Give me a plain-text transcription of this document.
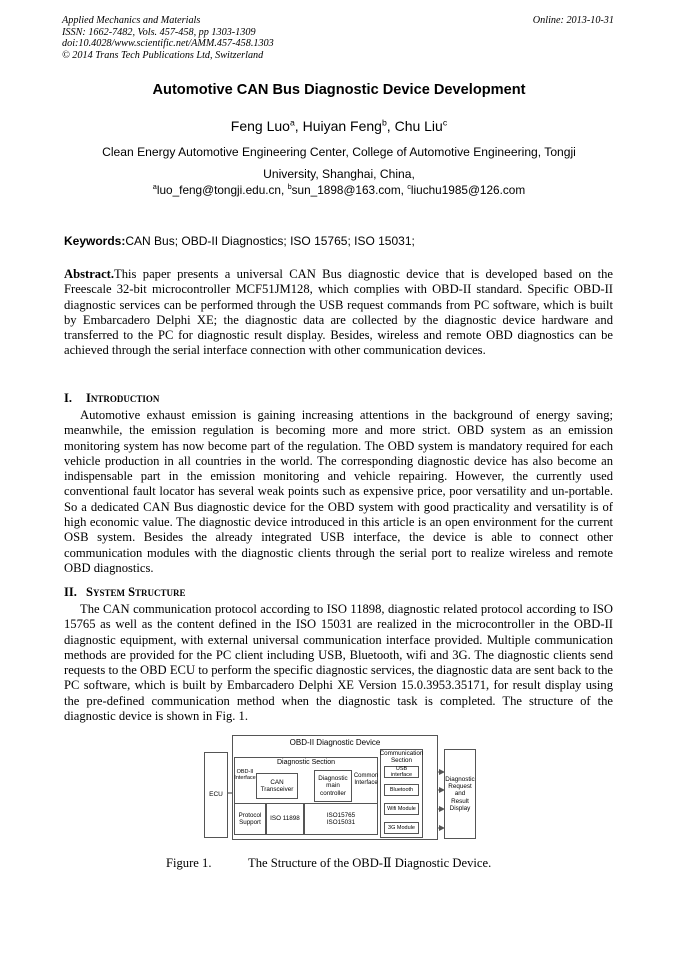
Applied Mechanics and Materials
ISSN: 1662-7482, Vols. 457-458, pp 1303-1309
doi:10.4028/www.scientific.net/AMM.457-458.1303
© 2014 Trans Tech Publications Ltd, Switzerland
Online: 2013-10-31
Automotive CAN Bus Diagnostic Device Development
Feng Luo$^a$, Huiyan Feng$^b$, Chu Liu$^c$
Clean Energy Automotive Engineering Center, College of Automotive Engineering, Tongji
University, Shanghai, China,
$^a$luo_feng@tongji.edu.cn, $^b$sun_1898@163.com, $^c$liuchu1985@126.com
Keywords:CAN Bus; OBD-II Diagnostics; ISO 15765; ISO 15031;
Abstract.This paper presents a universal CAN Bus diagnostic device that is developed based on the Freescale 32-bit microcontroller MCF51JM128, which complies with OBD-II standard. Specific OBD-II diagnostic services can be performed through the USB request commands from PC software, which is built by Embarcadero Delphi XE; the diagnostic data are collected by the diagnostic device hardware and transferred to the PC for diagnostic result display. Besides, wireless and remote OBD diagnostics can be achieved through the serial interface connection with other communication devices.
I. Introduction
Automotive exhaust emission is gaining increasing attentions in the background of energy saving; meanwhile, the emission regulation is becoming more and more strict. OBD system as an emission monitoring system has now become part of the regulation. The OBD system is mandatory required for each vehicle production in all countries in the world. The corresponding diagnostic device has also become an indispensable part in the emission monitoring and vehicle repairing. However, the currently used conventional fault locator has several weak points such as expensive price, poor versatility and un-portable. So a dedicated CAN Bus diagnostic device for the OBD system with good practicality and versatility is of high economic value. The diagnostic device introduced in this article is an open environment for the current OSB system. Besides the already integrated USB interface, the device is able to connect other communication modules with the diagnostic clients through the serial port to realize wireless and remote OBD diagnostics.
II. System Structure
The CAN communication protocol according to ISO 11898, diagnostic related protocol according to ISO 15765 as well as the content defined in the ISO 15031 are realized in the microcontroller in the OBD-II diagnostic equipment, with external universal communication interface provided. Multiple communication methods are provided for the PC client including USB, Bluetooth, wifi and 3G. The diagnostic clients send requests to the OBD ECU to perform the specific diagnostic services, the diagnostic data are sent back to the PC software, which is built by Embarcadero Delphi XE Version 15.0.3953.35171, for result display using the pre-defined communication method when the diagnostic task is completed. The structure of the diagnostic device is shown in Fig. 1.
ECU
OBD-II Diagnostic Device
Diagnostic Section
OBD-II Interface
CAN Transceiver
Diagnostic main controller
Common Interface
Protocol Support
ISO 11898
ISO15765 ISO15031
Communication Section
USB interface
Bluetooth
Wifi Module
3G Module
Diagnostic Request and Result Display
Figure 1.	The Structure of the OBD-Ⅱ Diagnostic Device.
